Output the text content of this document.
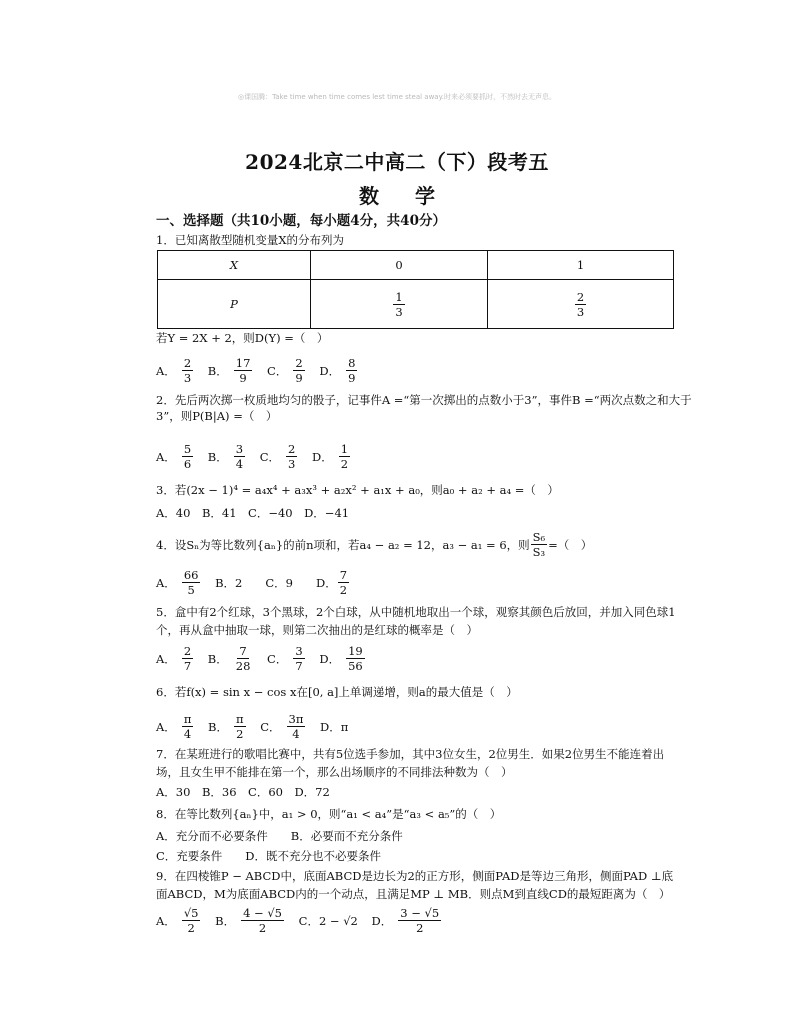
◎课国腾：Take time when time comes lest time steal away.时来必须要抓时，不然时去无声息。
2024北京二中高二（下）段考五
数 学
一、选择题（共10小题，每小题4分，共40分）
1．已知离散型随机变量X的分布列为
X	0	1
P	$\frac{1}{3}$	$\frac{2}{3}$
若Y = 2X + 2，则D(Y) =（　）
A． $\frac{2}{3}$
B． $\frac{17}{9}$
C． $\frac{2}{9}$
D． $\frac{8}{9}$
2．先后两次掷一枚质地均匀的骰子，记事件A =“第一次掷出的点数小于3”，事件B =“两次点数之和大于3”，则P(B|A) =（　）
A． $\frac{5}{6}$
B． $\frac{3}{4}$
C． $\frac{2}{3}$
D． $\frac{1}{2}$
3．若(2x − 1)⁴ = a₄x⁴ + a₃x³ + a₂x² + a₁x + a₀，则a₀ + a₂ + a₄ =（　）
A．40　B．41　C．−40　D．−41
4．设Sₙ为等比数列{aₙ}的前n项和，若a₄ − a₂ = 12，a₃ − a₁ = 6，则 $\frac{\text{S₆}}{\text{S₃}}$ =（　）
A． $\frac{66}{5}$
B．2　　C．9　　D． $\frac{7}{2}$
5．盒中有2个红球，3个黑球，2个白球，从中随机地取出一个球，观察其颜色后放回，并加入同色球1
个，再从盒中抽取一球，则第二次抽出的是红球的概率是（　）
A． $\frac{2}{7}$
B． $\frac{7}{28}$
C． $\frac{3}{7}$
D． $\frac{19}{56}$
6．若f(x) = sin x − cos x在[0, a]上单调递增，则a的最大值是（　）
A． $\frac{\pi}{4}$
B． $\frac{\pi}{2}$
C． $\frac{3\pi}{4}$ D．π
7．在某班进行的歌唱比赛中，共有5位选手参加，其中3位女生，2位男生．如果2位男生不能连着出
场，且女生甲不能排在第一个，那么出场顺序的不同排法种数为（　）
A．30　B．36　C．60　D．72
8．在等比数列{aₙ}中，a₁ > 0，则“a₁ < a₄”是“a₃ < a₅”的（　）
A．充分而不必要条件　　B．必要而不充分条件
C．充要条件　　D．既不充分也不必要条件
9．在四棱锥P − ABCD中，底面ABCD是边长为2的正方形，侧面PAD是等边三角形，侧面PAD ⊥底
面ABCD，M为底面ABCD内的一个动点，且满足MP ⊥ MB．则点M到直线CD的最短距离为（　）
A． $\frac{√5}{2}$
B． $\frac{4 - √5}{2}$ C．2 − √2 D． $\frac{3 - √5}{2}$
